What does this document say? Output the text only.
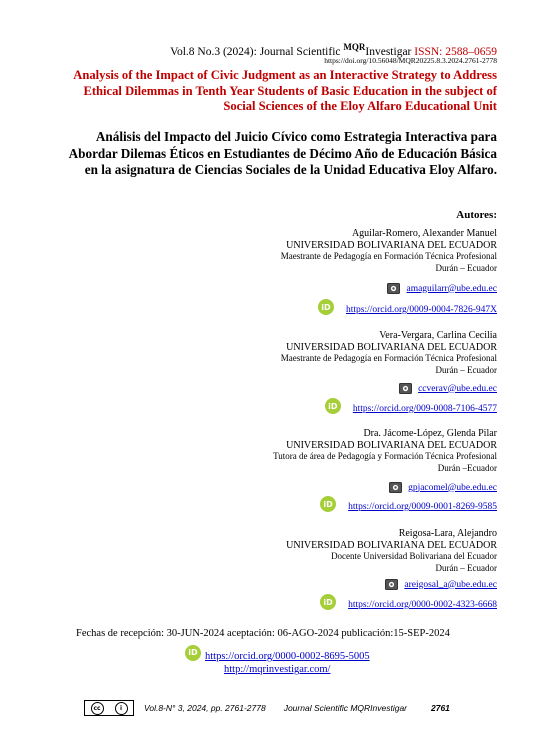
Vol.8 No.3 (2024): Journal Scientific $^{MQR}$Investigar ISSN: 2588–0659
https://doi.org/10.56048/MQR20225.8.3.2024.2761-2778
Analysis of the Impact of Civic Judgment as an Interactive Strategy to Address Ethical Dilemmas in Tenth Year Students of Basic Education in the subject of Social Sciences of the Eloy Alfaro Educational Unit
Análisis del Impacto del Juicio Cívico como Estrategia Interactiva para Abordar Dilemas Éticos en Estudiantes de Décimo Año de Educación Básica en la asignatura de Ciencias Sociales de la Unidad Educativa Eloy Alfaro.
Autores:
Aguilar-Romero, Alexander Manuel
UNIVERSIDAD BOLIVARIANA DEL ECUADOR
Maestrante de Pedagogía en Formación Técnica Profesional
Durán – Ecuador
amaguilarr@ube.edu.ec
iD	https://orcid.org/0009-0004-7826-947X
Vera-Vergara, Carlina Cecilia
UNIVERSIDAD BOLIVARIANA DEL ECUADOR
Maestrante de Pedagogía en Formación Técnica Profesional
Durán – Ecuador
ccverav@ube.edu.ec
iD	https://orcid.org/009-0008-7106-4577
Dra. Jácome-López, Glenda Pilar
UNIVERSIDAD BOLIVARIANA DEL ECUADOR
Tutora de área de Pedagogía y Formación Técnica Profesional
Durán –Ecuador
gpjacomel@ube.edu.ec
iD	https://orcid.org/0009-0001-8269-9585
Reigosa-Lara, Alejandro
UNIVERSIDAD BOLIVARIANA DEL ECUADOR
Docente Universidad Bolivariana del Ecuador
Durán – Ecuador
areigosal_a@ube.edu.ec
iD	https://orcid.org/0000-0002-4323-6668
Fechas de recepción: 30-JUN-2024 aceptación: 06-AGO-2024 publicación:15-SEP-2024
iD https://orcid.org/0000-0002-8695-5005
http://mqrinvestigar.com/
cc	i	Vol.8-N° 3, 2024, pp. 2761-2778 Journal Scientific MQRInvestigar	2761
